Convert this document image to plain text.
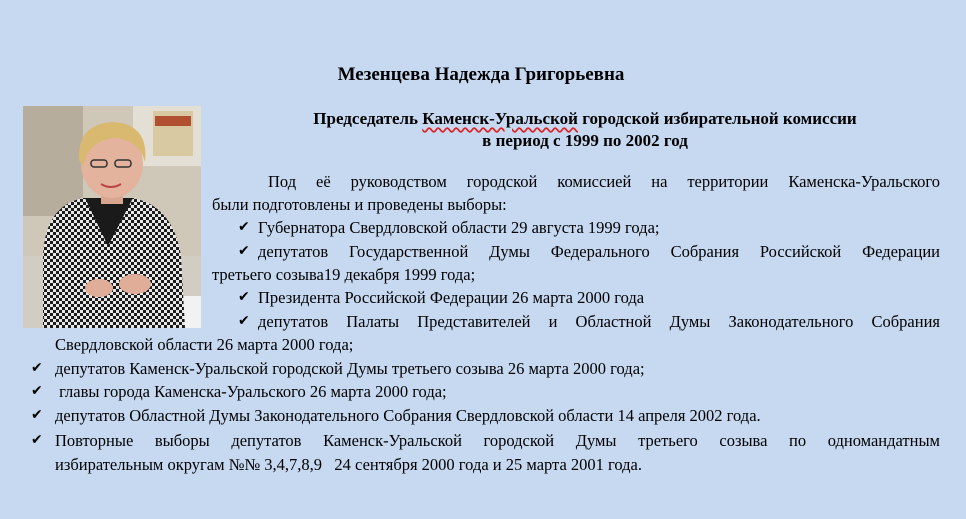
Мезенцева Надежда Григорьевна
Председатель Каменск-Уральской городской избирательной комиссии
в период с 1999 по 2002 год
Под её руководством городской комиссией на территории Каменска-Уральского
были подготовлены и проведены выборы:
✔ Губернатора Свердловской области 29 августа 1999 года;
✔ депутатов Государственной Думы Федерального Собрания Российской Федерации
третьего созыва19 декабря 1999 года;
✔ Президента Российской Федерации 26 марта 2000 года
✔ депутатов Палаты Представителей и Областной Думы Законодательного Собрания
Свердловской области 26 марта 2000 года;
✔ депутатов Каменск-Уральской городской Думы третьего созыва 26 марта 2000 года;
✔ главы города Каменска-Уральского 26 марта 2000 года;
✔ депутатов Областной Думы Законодательного Собрания Свердловской области 14 апреля 2002 года.
✔ Повторные выборы депутатов Каменск-Уральской городской Думы третьего созыва по одномандатным
избирательным округам №№ 3,4,7,8,9   24 сентября 2000 года и 25 марта 2001 года.
